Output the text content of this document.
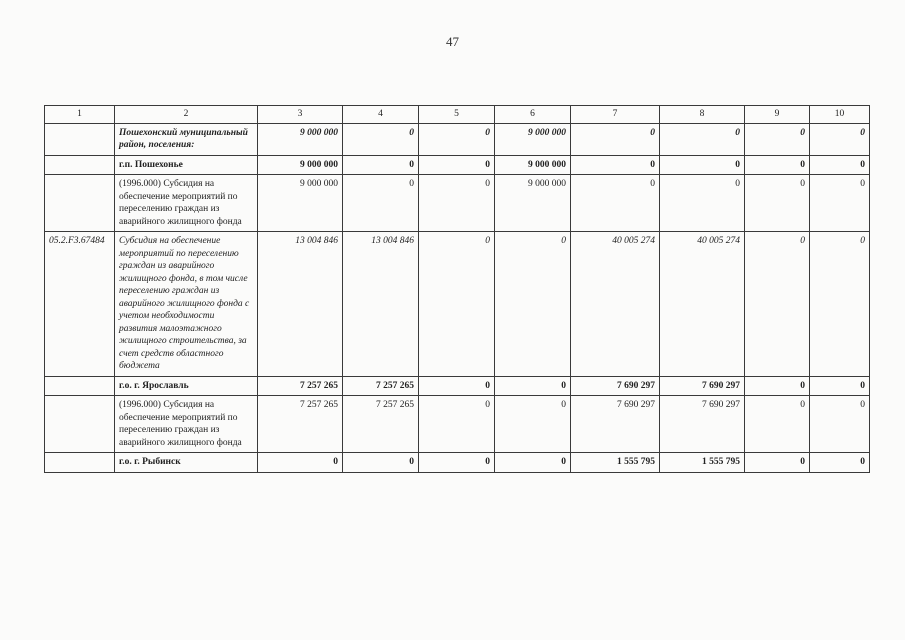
47
1	2	3	4	5	6	7	8	9	10
	Пошехонский муниципальный район, поселения:	9 000 000	0	0	9 000 000	0	0	0	0
	г.п. Пошехонье	9 000 000	0	0	9 000 000	0	0	0	0
	(1996.000) Субсидия на обеспечение мероприятий по переселению граждан из аварийного жилищного фонда	9 000 000	0	0	9 000 000	0	0	0	0
05.2.F3.67484	Субсидия на обеспечение мероприятий по переселению граждан из аварийного жилищного фонда, в том числе переселению граждан из аварийного жилищного фонда с учетом необходимости развития малоэтажного жилищного строительства, за счет средств областного бюджета	13 004 846	13 004 846	0	0	40 005 274	40 005 274	0	0
	г.о. г. Ярославль	7 257 265	7 257 265	0	0	7 690 297	7 690 297	0	0
	(1996.000) Субсидия на обеспечение мероприятий по переселению граждан из аварийного жилищного фонда	7 257 265	7 257 265	0	0	7 690 297	7 690 297	0	0
	г.о. г. Рыбинск	0	0	0	0	1 555 795	1 555 795	0	0
